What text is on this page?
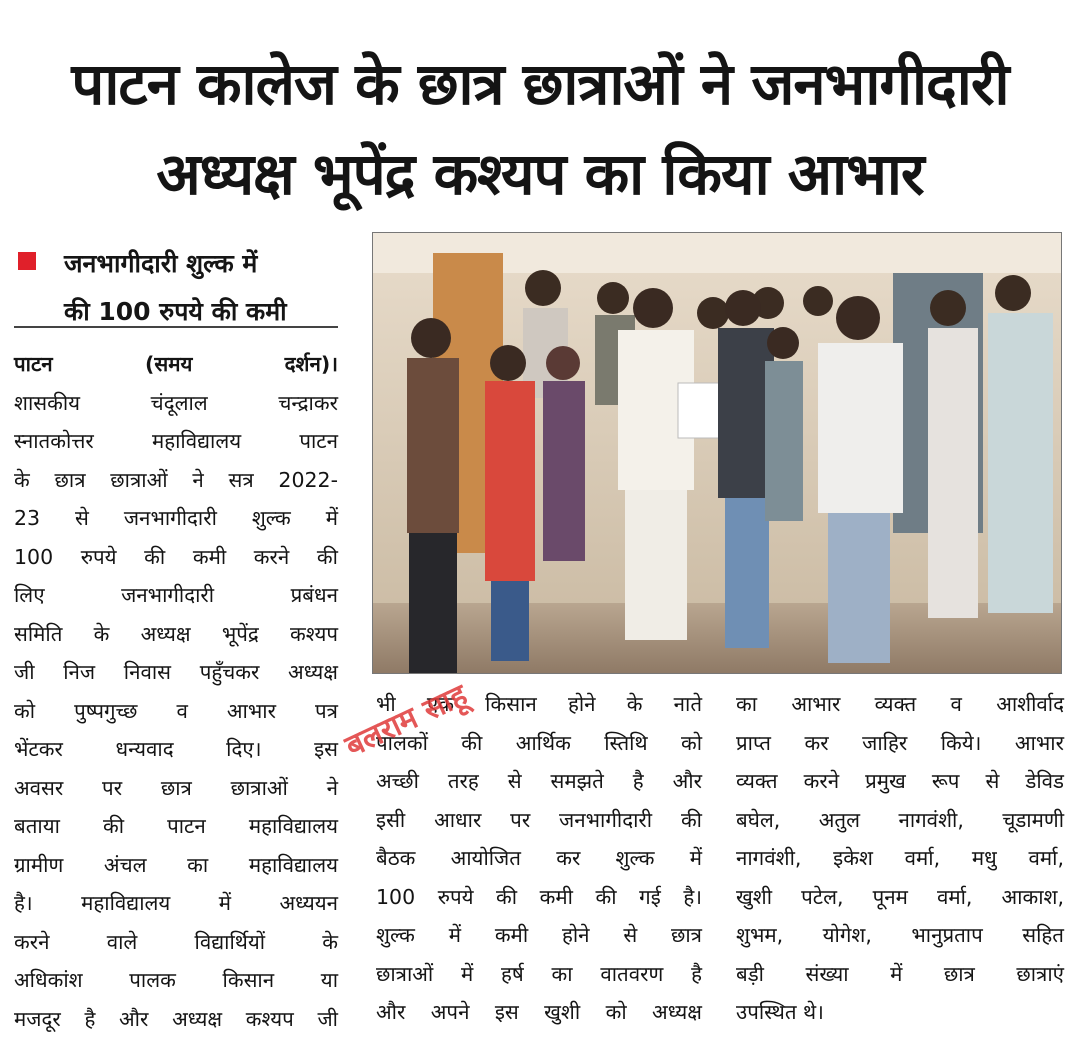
पाटन कालेज के छात्र छात्राओं ने जनभागीदारी
अध्यक्ष भूपेंद्र कश्यप का किया आभार
जनभागीदारी शुल्क में
की 100 रुपये की कमी

पाटन (समय दर्शन)।

शासकीय चंदूलाल चन्द्राकर

स्नातकोत्तर महाविद्यालय पाटन

के छात्र छात्राओं ने सत्र 2022-

23 से जनभागीदारी शुल्क में

100 रुपये की कमी करने की

लिए जनभागीदारी प्रबंधन

समिति के अध्यक्ष भूपेंद्र कश्यप

जी निज निवास पहुँचकर अध्यक्ष

को पुष्पगुच्छ व आभार पत्र

भेंटकर धन्यवाद दिए। इस

अवसर पर छात्र छात्राओं ने

बताया की पाटन महाविद्यालय

ग्रामीण अंचल का महाविद्यालय

है। महाविद्यालय में अध्ययन

करने वाले विद्यार्थियों के

अधिकांश पालक किसान या

मजदूर है और अध्यक्ष कश्यप जी

भी एक किसान होने के नाते

पालकों की आर्थिक स्तिथि को

अच्छी तरह से समझते है और

इसी आधार पर जनभागीदारी की

बैठक आयोजित कर शुल्क में

100 रुपये की कमी की गई है।

शुल्क में कमी होने से छात्र

छात्राओं में हर्ष का वातवरण है

और अपने इस खुशी को अध्यक्ष

का आभार व्यक्त व आशीर्वाद

प्राप्त कर जाहिर किये। आभार

व्यक्त करने प्रमुख रूप से डेविड

बघेल, अतुल नागवंशी, चूडामणी

नागवंशी, इकेश वर्मा, मधु वर्मा,

खुशी पटेल, पूनम वर्मा, आकाश,

शुभम, योगेश, भानुप्रताप सहित

बड़ी संख्या में छात्र छात्राएं

उपस्थित थे।

बलराम साहू
